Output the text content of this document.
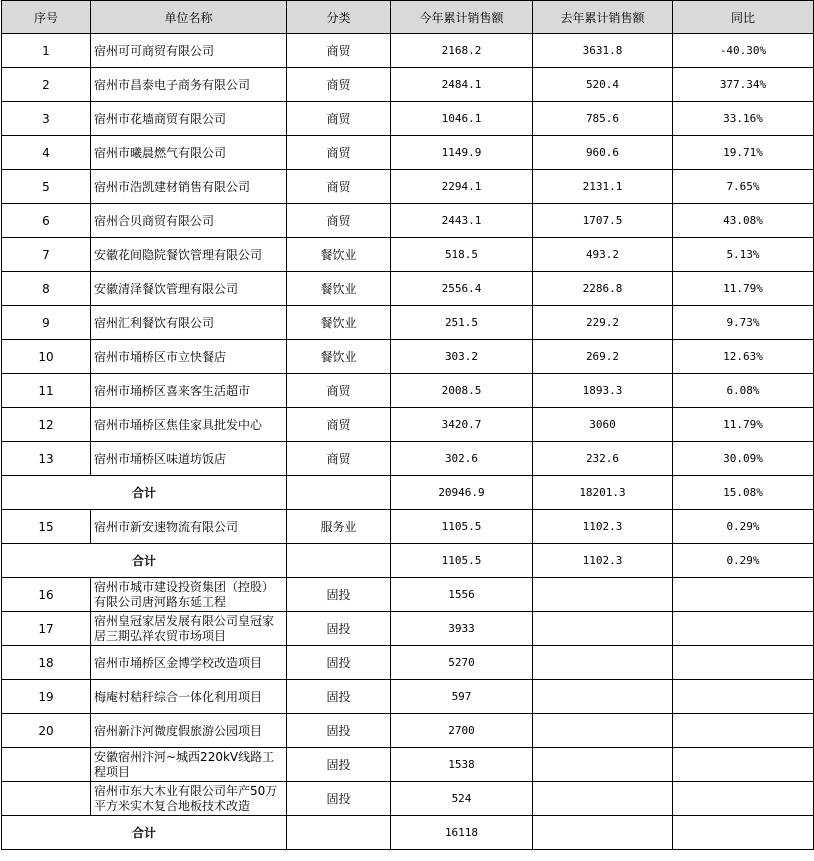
序号	单位名称	分类	今年累计销售额	去年累计销售额	同比
1	宿州可可商贸有限公司	商贸	2168.2	3631.8	-40.30%
2	宿州市昌泰电子商务有限公司	商贸	2484.1	520.4	377.34%
3	宿州市花墙商贸有限公司	商贸	1046.1	785.6	33.16%
4	宿州市曦晨燃气有限公司	商贸	1149.9	960.6	19.71%
5	宿州市浩凯建材销售有限公司	商贸	2294.1	2131.1	7.65%
6	宿州合贝商贸有限公司	商贸	2443.1	1707.5	43.08%
7	安徽花间隐院餐饮管理有限公司	餐饮业	518.5	493.2	5.13%
8	安徽清泽餐饮管理有限公司	餐饮业	2556.4	2286.8	11.79%
9	宿州汇利餐饮有限公司	餐饮业	251.5	229.2	9.73%
10	宿州市埇桥区市立快餐店	餐饮业	303.2	269.2	12.63%
11	宿州市埇桥区喜来客生活超市	商贸	2008.5	1893.3	6.08%
12	宿州市埇桥区焦佳家具批发中心	商贸	3420.7	3060	11.79%
13	宿州市埇桥区味道坊饭店	商贸	302.6	232.6	30.09%
合计			20946.9	18201.3	15.08%
15	宿州市新安速物流有限公司	服务业	1105.5	1102.3	0.29%
合计			1105.5	1102.3	0.29%
16	宿州市城市建设投资集团（控股）有限公司唐河路东延工程	固投	1556		
17	宿州皇冠家居发展有限公司皇冠家居三期弘祥农贸市场项目	固投	3933		
18	宿州市埇桥区金博学校改造项目	固投	5270		
19	梅庵村秸秆综合一体化利用项目	固投	597		
20	宿州新汴河微度假旅游公园项目	固投	2700		
	安徽宿州汴河~城西220kV线路工程项目	固投	1538		
	宿州市东大木业有限公司年产50万平方米实木复合地板技术改造	固投	524		
合计			16118		
